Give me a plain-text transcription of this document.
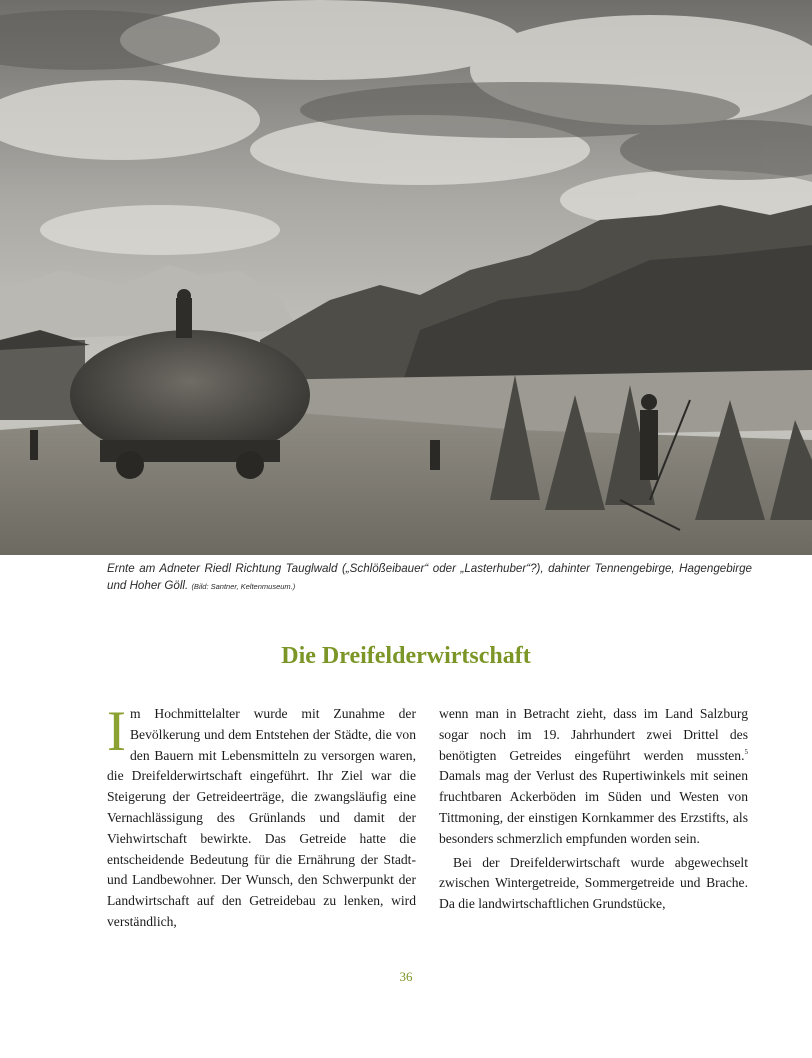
Ernte am Adneter Riedl Richtung Tauglwald („Schlößeibauer“ oder „Lasterhuber“?), dahinter Tennengebirge, Hagengebirge und Hoher Göll. (Bild: Santner, Keltenmuseum.)
Die Dreifelderwirtschaft

Im Hochmittelalter wurde mit Zunahme der Bevölkerung und dem Entstehen der Städte, die von den Bauern mit Lebensmitteln zu versorgen waren, die Dreifelderwirtschaft eingeführt. Ihr Ziel war die Steigerung der Getreideerträge, die zwangsläufig eine Vernachlässigung des Grünlands und damit der Viehwirtschaft bewirkte. Das Getreide hatte die entscheidende Bedeutung für die Ernährung der Stadt- und Landbewohner. Der Wunsch, den Schwerpunkt der Landwirtschaft auf den Getreidebau zu lenken, wird verständlich,

wenn man in Betracht zieht, dass im Land Salzburg sogar noch im 19. Jahrhundert zwei Drittel des benötigten Getreides eingeführt werden mussten.$^5$ Damals mag der Verlust des Rupertiwinkels mit seinen fruchtbaren Ackerböden im Süden und Westen von Tittmoning, der einstigen Kornkammer des Erzstifts, als besonders schmerzlich empfunden worden sein.

Bei der Dreifelderwirtschaft wurde abgewechselt zwischen Wintergetreide, Sommergetreide und Brache. Da die landwirtschaftlichen Grundstücke,

36
